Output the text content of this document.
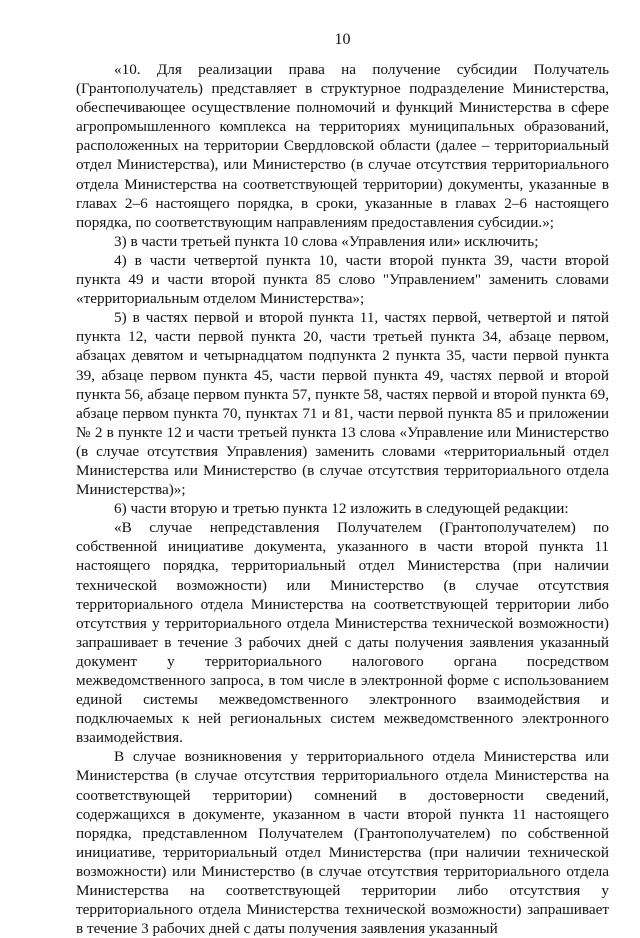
10

«10. Для реализации права на получение субсидии Получатель (Грантополучатель) представляет в структурное подразделение Министерства, обеспечивающее осуществление полномочий и функций Министерства в сфере агропромышленного комплекса на территориях муниципальных образований, расположенных на территории Свердловской области (далее – территориальный отдел Министерства), или Министерство (в случае отсутствия территориального отдела Министерства на соответствующей территории) документы, указанные в главах 2–6 настоящего порядка, в сроки, указанные в главах 2–6 настоящего порядка, по соответствующим направлениям предоставления субсидии.»;

3) в части третьей пункта 10 слова «Управления или» исключить;

4) в части четвертой пункта 10, части второй пункта 39, части второй пункта 49 и части второй пункта 85 слово "Управлением" заменить словами «территориальным отделом Министерства»;

5) в частях первой и второй пункта 11, частях первой, четвертой и пятой пункта 12, части первой пункта 20, части третьей пункта 34, абзаце первом, абзацах девятом и четырнадцатом подпункта 2 пункта 35, части первой пункта 39, абзаце первом пункта 45, части первой пункта 49, частях первой и второй пункта 56, абзаце первом пункта 57, пункте 58, частях первой и второй пункта 69, абзаце первом пункта 70, пунктах 71 и 81, части первой пункта 85 и приложении № 2 в пункте 12 и части третьей пункта 13 слова «Управление или Министерство (в случае отсутствия Управления) заменить словами «территориальный отдел Министерства или Министерство (в случае отсутствия территориального отдела Министерства)»;

6) части вторую и третью пункта 12 изложить в следующей редакции:

«В случае непредставления Получателем (Грантополучателем) по собственной инициативе документа, указанного в части второй пункта 11 настоящего порядка, территориальный отдел Министерства (при наличии технической возможности) или Министерство (в случае отсутствия территориального отдела Министерства на соответствующей территории либо отсутствия у территориального отдела Министерства технической возможности) запрашивает в течение 3 рабочих дней с даты получения заявления указанный документ у территориального налогового органа посредством межведомственного запроса, в том числе в электронной форме с использованием единой системы межведомственного электронного взаимодействия и подключаемых к ней региональных систем межведомственного электронного взаимодействия.

В случае возникновения у территориального отдела Министерства или Министерства (в случае отсутствия территориального отдела Министерства на соответствующей территории) сомнений в достоверности сведений, содержащихся в документе, указанном в части второй пункта 11 настоящего порядка, представленном Получателем (Грантополучателем) по собственной инициативе, территориальный отдел Министерства (при наличии технической возможности) или Министерство (в случае отсутствия территориального отдела Министерства на соответствующей территории либо отсутствия у территориального отдела Министерства технической возможности) запрашивает в течение 3 рабочих дней с даты получения заявления указанный
